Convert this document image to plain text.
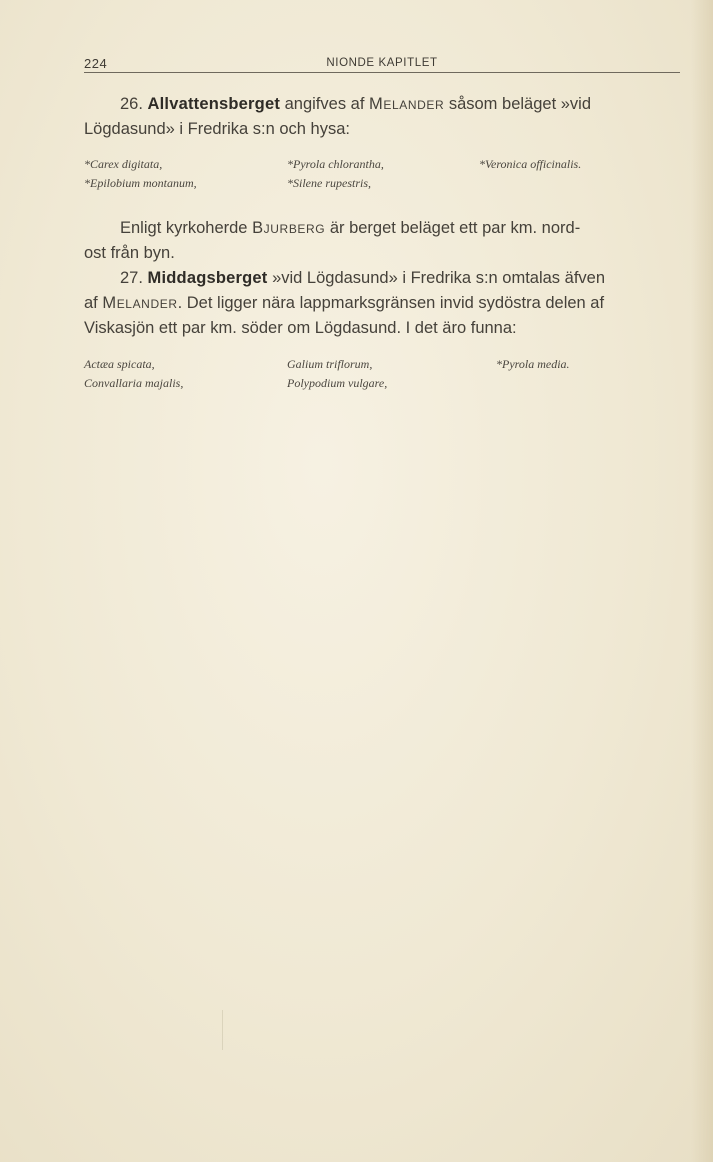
224	NIONDE KAPITLET

26. Allvattensberget angifves af Melander såsom beläget »vid
Lögdasund» i Fredrika s:n och hysa:

*Carex digitata,
*Epilobium montanum,
*Pyrola chlorantha,
*Silene rupestris,
*Veronica officinalis.

Enligt kyrkoherde Bjurberg är berget beläget ett par km. nord-
ost från byn.

27. Middagsberget »vid Lögdasund» i Fredrika s:n omtalas äfven
af Melander. Det ligger nära lappmarksgränsen invid sydöstra delen af
Viskasjön ett par km. söder om Lögdasund. I det äro funna:

Actæa spicata,
Convallaria majalis,
Galium triflorum,
Polypodium vulgare,
*Pyrola media.
